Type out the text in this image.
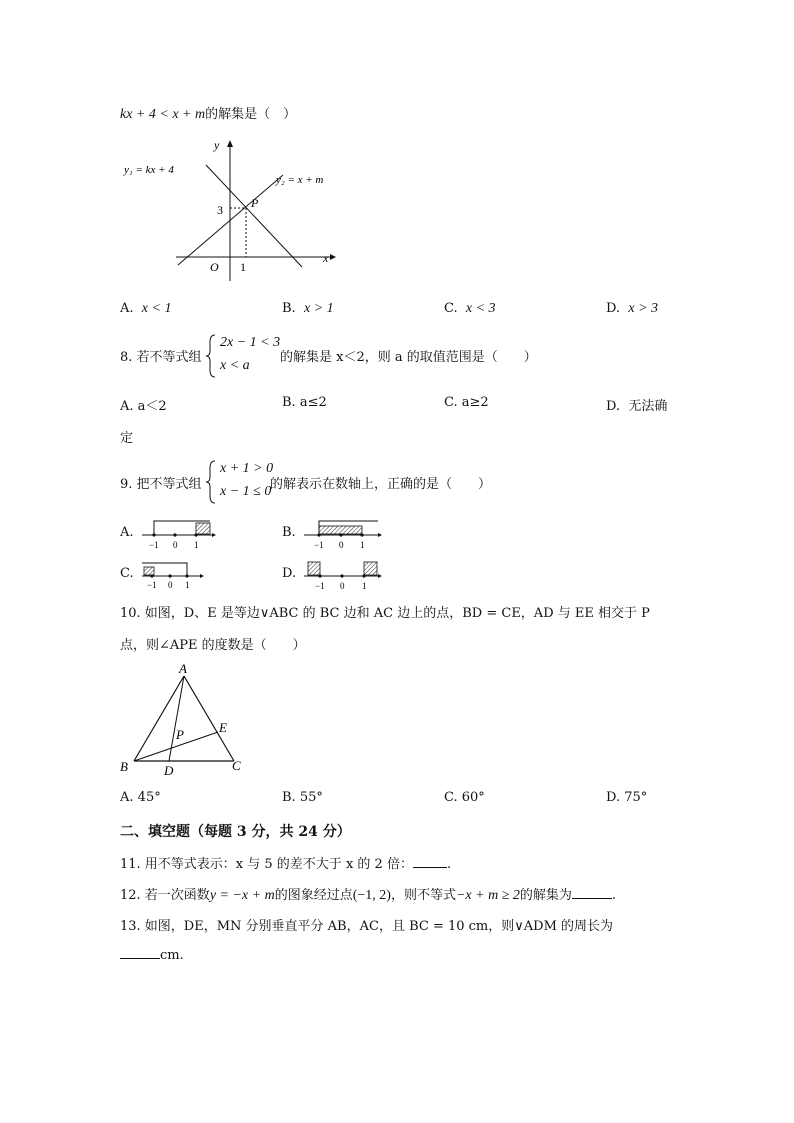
kx + 4 < x + m的解集是（　）
y₁ = kx + 4
y₂ = x + m
y
x
O 1
3 P
A. x < 1	B. x > 1	C. x < 3	D. x > 3
8. 若不等式组
2x − 1 < 3
x < a
的解集是 x＜2，则 a 的取值范围是（　　）
A. a＜2	B. a≤2	C. a≥2	D. 无法确
定
9. 把不等式组
x + 1 > 0
x − 1 ≤ 0
的解表示在数轴上，正确的是（　　）
A.
−1 0 1
B.
−1 0 1
C.
−1 0 1
D.
−1 0 1
10. 如图，D、E 是等边∨ABC 的 BC 边和 AC 边上的点，BD = CE，AD 与 EE 相交于 P
点，则∠APE 的度数是（　　）
A
B	C
D
E
P
A. 45°	B. 55°	C. 60°	D. 75°
二、填空题（每题 3 分，共 24 分）
11. 用不等式表示：x 与 5 的差不大于 x 的 2 倍：	.
12. 若一次函数y = −x + m的图象经过点(−1, 2)，则不等式−x + m ≥ 2的解集为	.
13. 如图，DE，MN 分别垂直平分 AB，AC，且 BC = 10 cm，则∨ADM 的周长为
cm.
